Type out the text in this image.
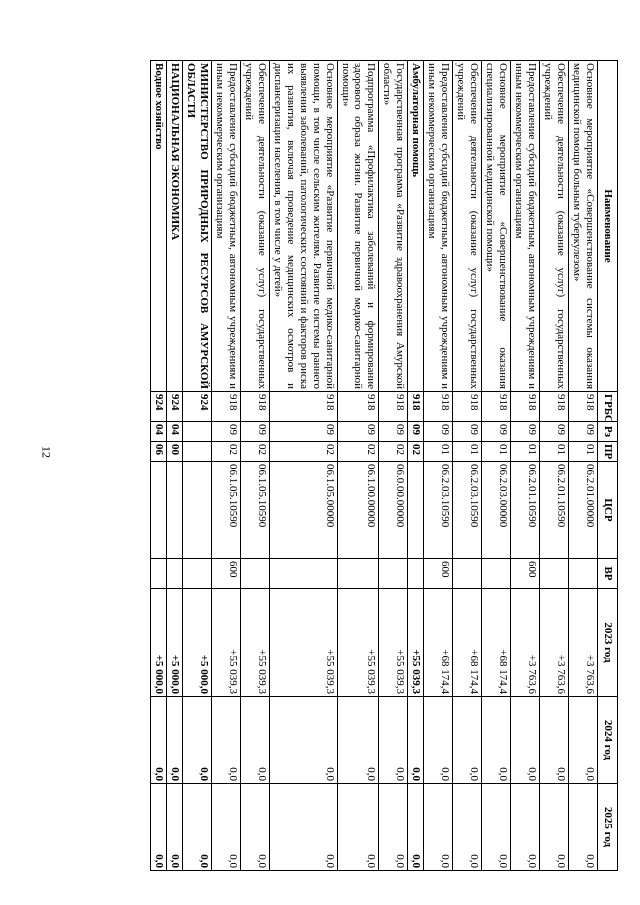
12
Наименование	ГРБС	Рз	ПР	ЦСР	ВР	2023 год	2024 год	2025 год
Основное мероприятие «Совершенствование системы оказания медицинской помощи больным туберкулезом»	918	09	01	06.2.01.00000		+3 763,6	0,0	0,0
Обеспечение деятельности (оказание услуг) государственных учреждений	918	09	01	06.2.01.10590		+3 763,6	0,0	0,0
Предоставление субсидий бюджетным, автономным учреждениям и иным некоммерческим организациям	918	09	01	06.2.01.10590	600	+3 763,6	0,0	0,0
Основное мероприятие «Совершенствование оказания специализированной медицинской помощи»	918	09	01	06.2.03.00000		+68 174,4	0,0	0,0
Обеспечение деятельности (оказание услуг) государственных учреждений	918	09	01	06.2.03.10590		+68 174,4	0,0	0,0
Предоставление субсидий бюджетным, автономным учреждениям и иным некоммерческим организациям	918	09	01	06.2.03.10590	600	+68 174,4	0,0	0,0
Амбулаторная помощь	918	09	02			+55 039,3	0,0	0,0
Государственная программа «Развитие здравоохранения Амурской области»	918	09	02	06.0.00.00000		+55 039,3	0,0	0,0
Подпрограмма «Профилактика заболеваний и формирование здорового образа жизни. Развитие первичной медико-санитарной помощи»	918	09	02	06.1.00.00000		+55 039,3	0,0	0,0
Основное мероприятие «Развитие первичной медико-санитарной помощи, в том числе сельским жителям. Развитие системы раннего выявления заболеваний, патологических состояний и факторов риска их развития, включая проведение медицинских осмотров и диспансеризации населения, в том числе у детей»	918	09	02	06.1.05.00000		+55 039,3	0,0	0,0
Обеспечение деятельности (оказание услуг) государственных учреждений	918	09	02	06.1.05.10590		+55 039,3	0,0	0,0
Предоставление субсидий бюджетным, автономным учреждениям и иным некоммерческим организациям	918	09	02	06.1.05.10590	600	+55 039,3	0,0	0,0
МИНИСТЕРСТВО ПРИРОДНЫХ РЕСУРСОВ АМУРСКОЙ ОБЛАСТИ	924					+5 000,0	0,0	0,0
НАЦИОНАЛЬНАЯ ЭКОНОМИКА	924	04	00			+5 000,0	0,0	0,0
Водное хозяйство	924	04	06			+5 000,0	0,0	0,0
